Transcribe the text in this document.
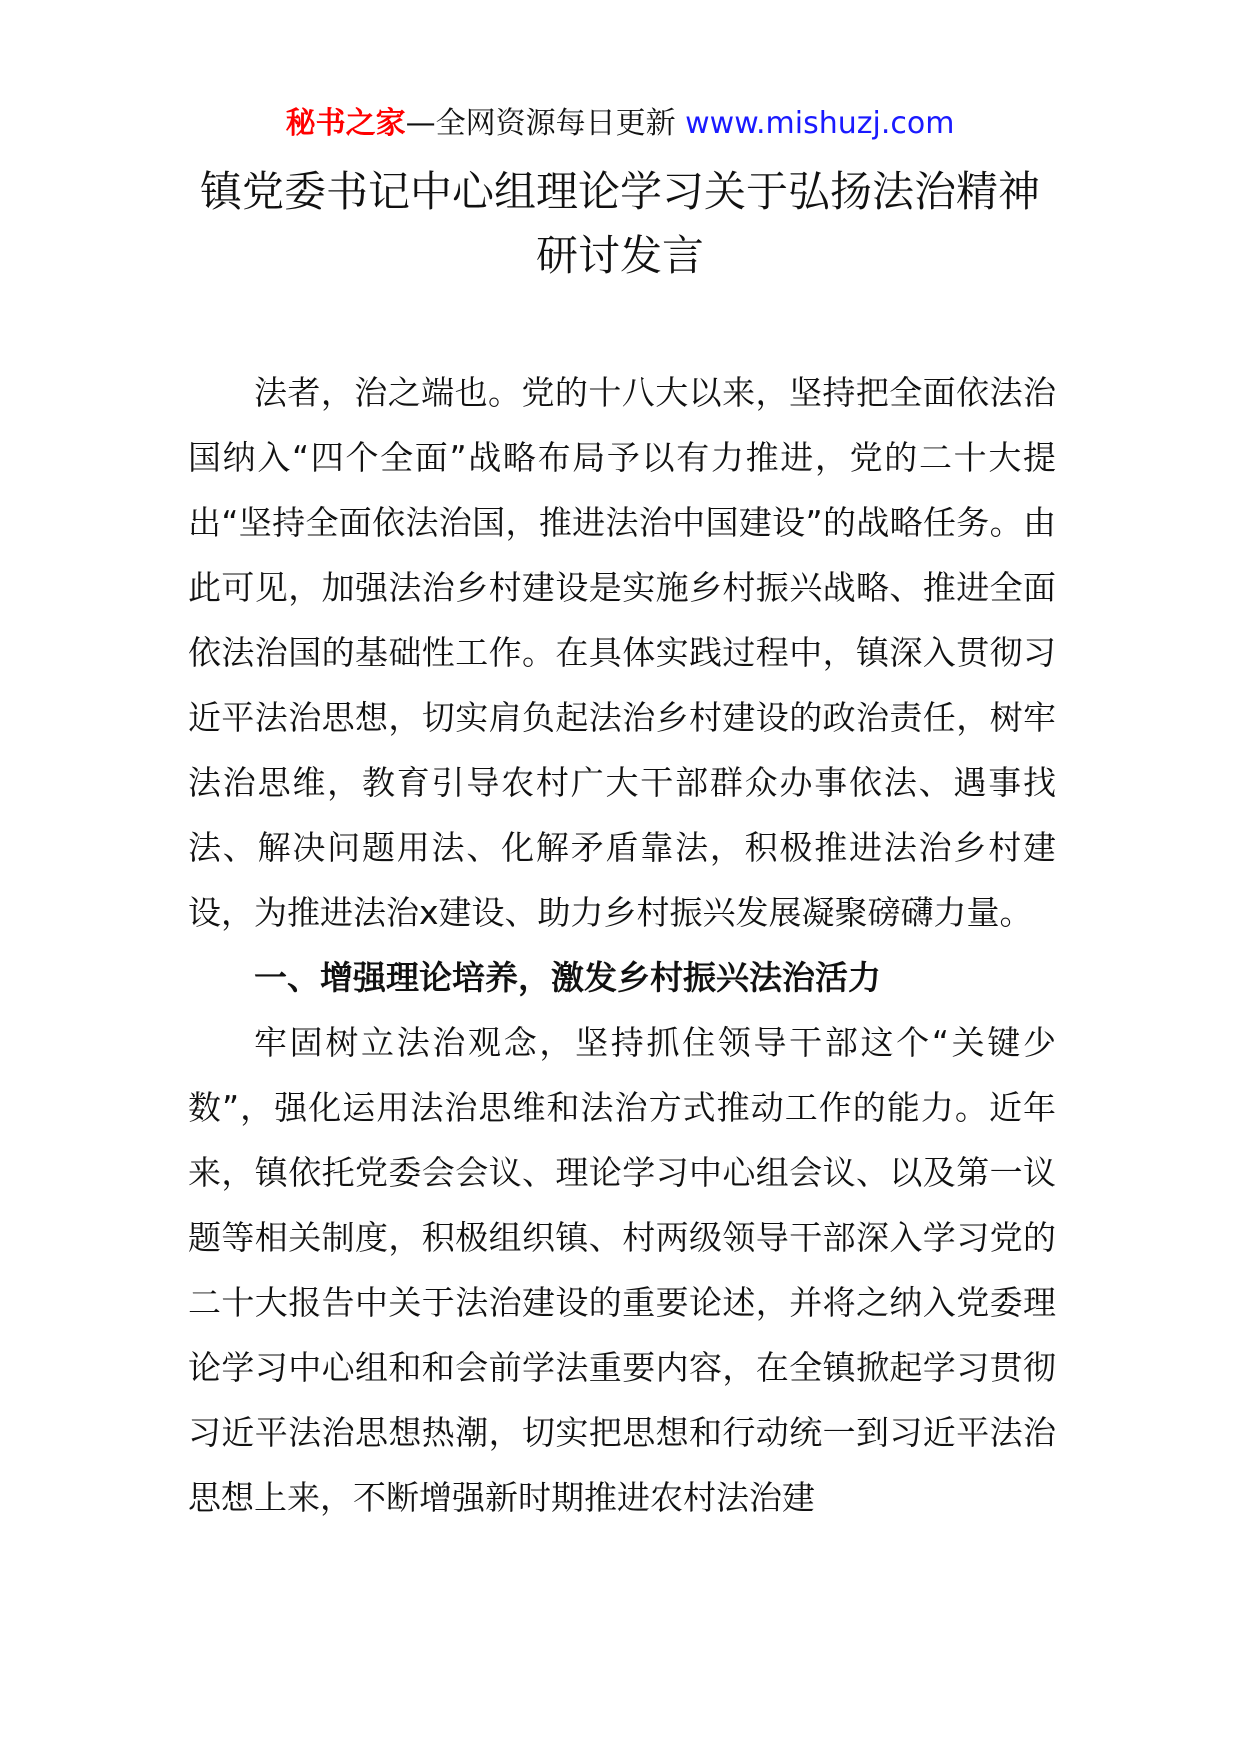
秘书之家—全网资源每日更新 www.mishuzj.com
镇党委书记中心组理论学习关于弘扬法治精神
研讨发言

法者，治之端也。党的十八大以来，坚持把全面依法治国纳入“四个全面”战略布局予以有力推进，党的二十大提出“坚持全面依法治国，推进法治中国建设”的战略任务。由此可见，加强法治乡村建设是实施乡村振兴战略、推进全面依法治国的基础性工作。在具体实践过程中，镇深入贯彻习近平法治思想，切实肩负起法治乡村建设的政治责任，树牢法治思维，教育引导农村广大干部群众办事依法、遇事找法、解决问题用法、化解矛盾靠法，积极推进法治乡村建设，为推进法治x建设、助力乡村振兴发展凝聚磅礴力量。

一、增强理论培养，激发乡村振兴法治活力

牢固树立法治观念，坚持抓住领导干部这个“关键少数”，强化运用法治思维和法治方式推动工作的能力。近年来，镇依托党委会会议、理论学习中心组会议、以及第一议题等相关制度，积极组织镇、村两级领导干部深入学习党的二十大报告中关于法治建设的重要论述，并将之纳入党委理论学习中心组和和会前学法重要内容，在全镇掀起学习贯彻习近平法治思想热潮，切实把思想和行动统一到习近平法治思想上来，不断增强新时期推进农村法治建
